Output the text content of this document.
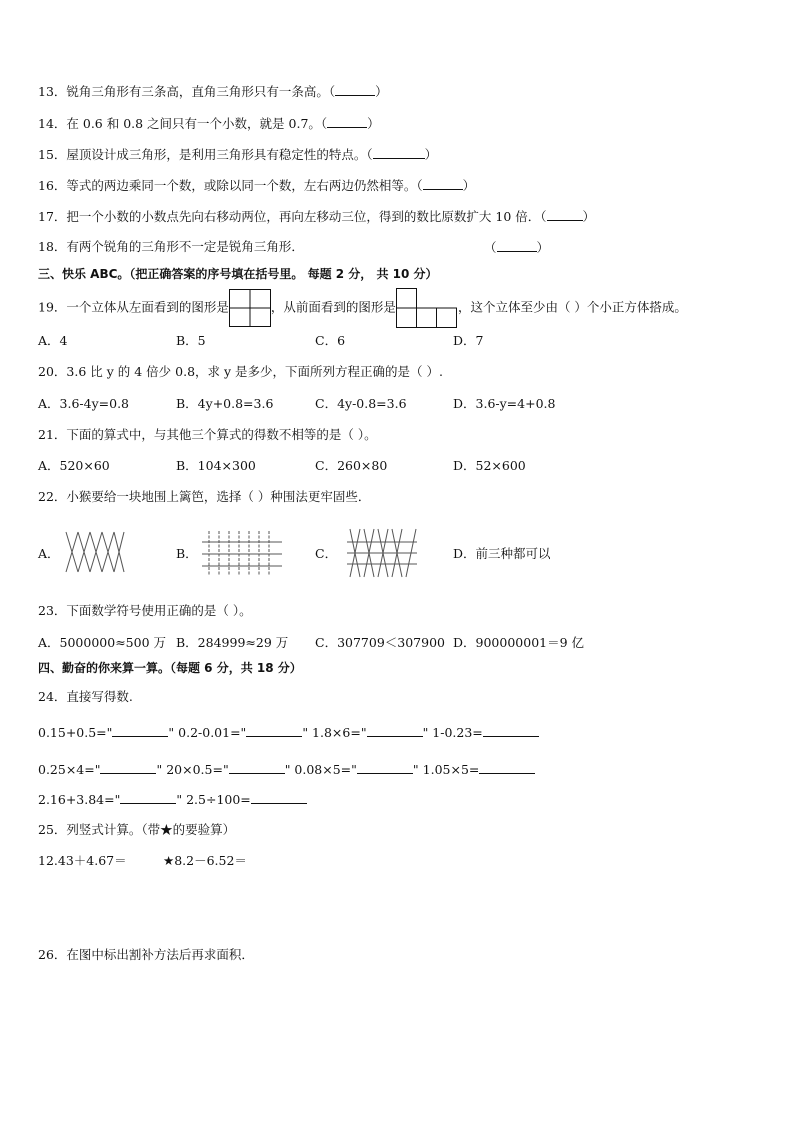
13．锐角三角形有三条高，直角三角形只有一条高。（	）
14．在 0.6 和 0.8 之间只有一个小数，就是 0.7。（	）
15．屋顶设计成三角形，是利用三角形具有稳定性的特点。（	）
16．等式的两边乘同一个数，或除以同一个数，左右两边仍然相等。（	）
17．把一个小数的小数点先向右移动两位，再向左移动三位，得到的数比原数扩大 10 倍．（	）
18．有两个锐角的三角形不一定是锐角三角形．	（	）
三、快乐 ABC。（把正确答案的序号填在括号里。 每题 2 分， 共 10 分）
19．一个立体从左面看到的图形是	，从前面看到的图形是	，这个立体至少由（ ）个小正方体搭成。
A．4	B．5	C．6	D．7
20．3.6 比 y 的 4 倍少 0.8，求 y 是多少，下面所列方程正确的是（ ）.
A．3.6-4y=0.8	B．4y+0.8=3.6	C．4y-0.8=3.6	D．3.6-y=4+0.8
21．下面的算式中，与其他三个算式的得数不相等的是（ ）。
A．520×60	B．104×300	C．260×80	D．52×600
22．小猴要给一块地围上篱笆，选择（ ）种围法更牢固些．
A．	B．	C．	D．前三种都可以
23．下面数学符号使用正确的是（ ）。
A．5000000≈500 万 B．284999≈29 万 C．307709＜307900 D．900000001＝9 亿
四、勤奋的你来算一算。（每题 6 分，共 18 分）
24．直接写得数.
0.15+0.5="	" 0.2-0.01="	" 1.8×6="	" 1-0.23=
0.25×4="	" 20×0.5="	" 0.08×5="	" 1.05×5=
2.16+3.84="	" 2.5÷100=
25．列竖式计算。（带★的要验算）
12.43＋4.67＝	★8.2－6.52＝
26．在图中标出割补方法后再求面积．
